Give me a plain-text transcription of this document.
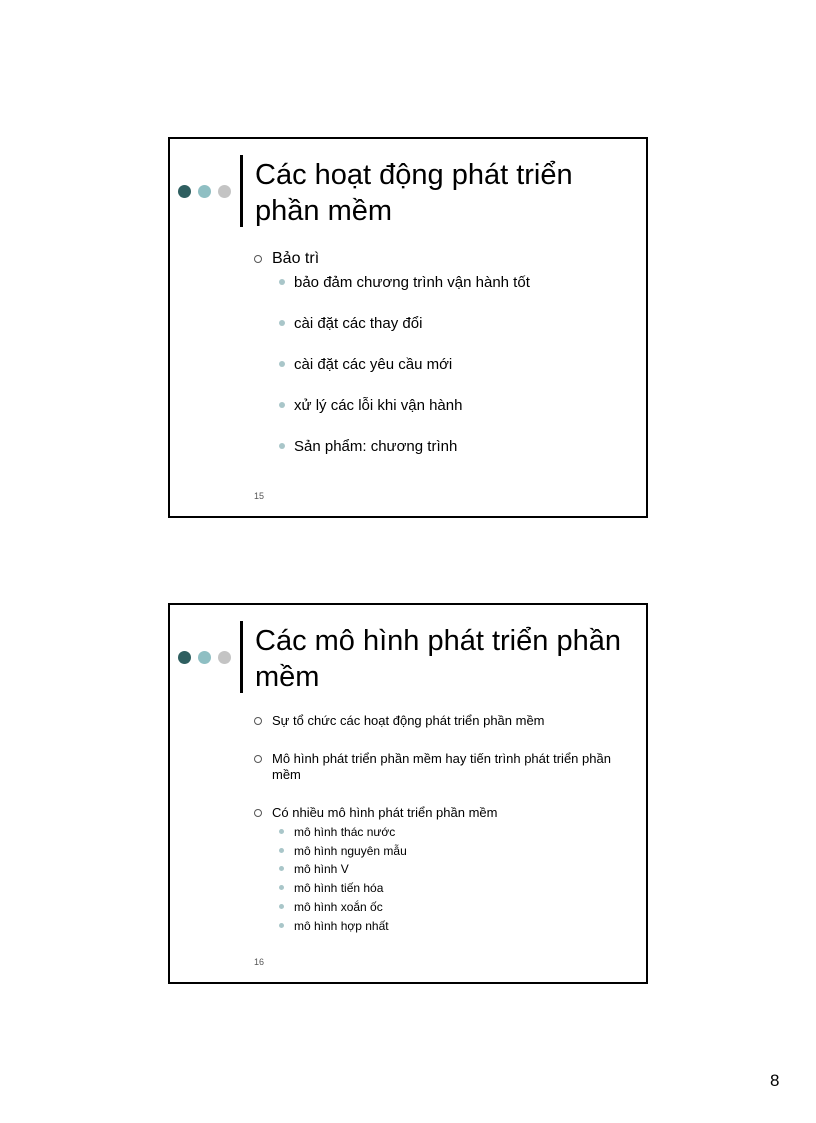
Các hoạt động phát triển phần mềm
Bảo trì
bảo đảm chương trình vận hành tốt
cài đặt các thay đổi
cài đặt các yêu cầu mới
xử lý các lỗi khi vận hành
Sản phẩm: chương trình
15
Các mô hình phát triển phần mềm
Sự tổ chức các hoạt động phát triển phần mềm
Mô hình phát triển phần mềm hay tiến trình phát triển phần mềm
Có nhiều mô hình phát triển phần mềm
mô hình thác nước
mô hình nguyên mẫu
mô hình V
mô hình tiến hóa
mô hình xoắn ốc
mô hình hợp nhất
16
8
